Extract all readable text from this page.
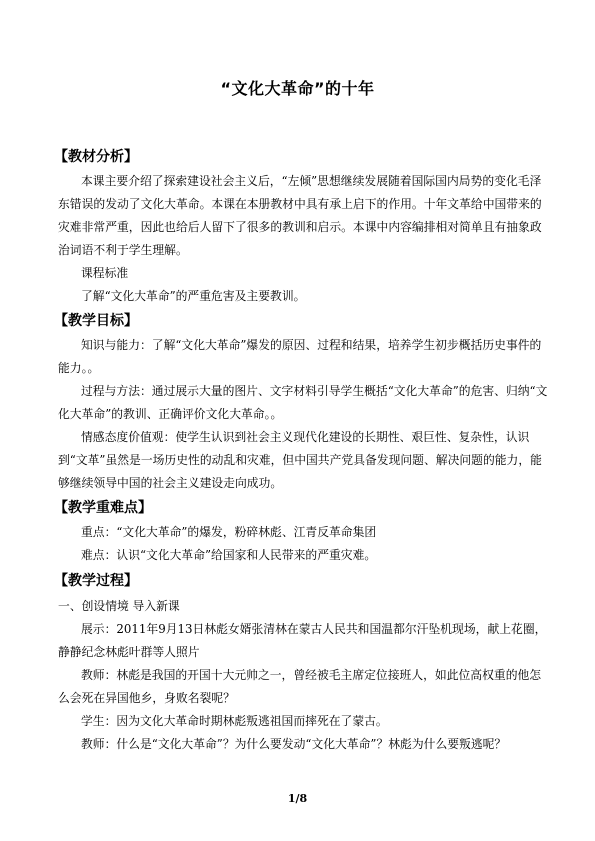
“文化大革命”的十年
【教材分析】

本课主要介绍了探索建设社会主义后，“左倾”思想继续发展随着国际国内局势的变化毛泽东错误的发动了文化大革命。本课在本册教材中具有承上启下的作用。十年文革给中国带来的灾难非常严重，因此也给后人留下了很多的教训和启示。本课中内容编排相对简单且有抽象政治词语不利于学生理解。

课程标准

了解“文化大革命”的严重危害及主要教训。

【教学目标】

知识与能力：了解“文化大革命”爆发的原因、过程和结果，培养学生初步概括历史事件的能力。。

过程与方法：通过展示大量的图片、文字材料引导学生概括“文化大革命”的危害、归纳“文化大革命”的教训、正确评价文化大革命。。

情感态度价值观：使学生认识到社会主义现代化建设的长期性、艰巨性、复杂性，认识到“文革”虽然是一场历史性的动乱和灾难，但中国共产党具备发现问题、解决问题的能力，能够继续领导中国的社会主义建设走向成功。

【教学重难点】

重点：“文化大革命”的爆发，粉碎林彪、江青反革命集团

难点：认识“文化大革命”给国家和人民带来的严重灾难。

【教学过程】
一、创设情境 导入新课

展示：2011年9月13日林彪女婿张清林在蒙古人民共和国温都尔汗坠机现场，献上花圈，静静纪念林彪叶群等人照片

教师：林彪是我国的开国十大元帅之一，曾经被毛主席定位接班人，如此位高权重的他怎么会死在异国他乡，身败名裂呢？

学生：因为文化大革命时期林彪叛逃祖国而摔死在了蒙古。

教师：什么是“文化大革命”？为什么要发动“文化大革命”？林彪为什么要叛逃呢？

1/8
